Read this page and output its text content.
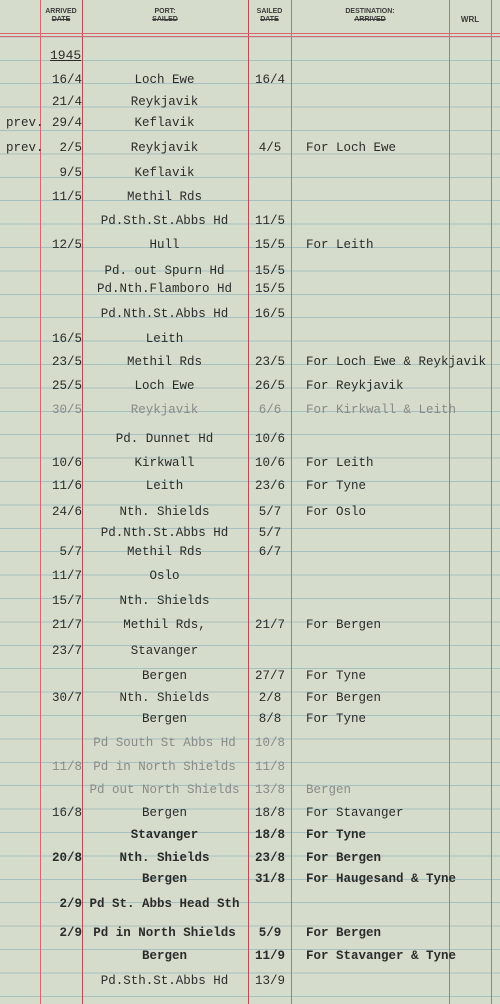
ARRIVED
DATE
PORT:
SAILED
SAILED
DATE
DESTINATION:
ARRIVED	WRL
1945
16/4	Loch Ewe	16/4
21/4	Reykjavik
prev. 29/4	Keflavik
prev. 2/5	Reykjavik	4/5	For Loch Ewe
9/5	Keflavik
11/5	Methil Rds
Pd.Sth.St.Abbs Hd	11/5
12/5	Hull	15/5	For Leith
Pd. out Spurn Hd	15/5
Pd.Nth.Flamboro Hd	15/5
Pd.Nth.St.Abbs Hd	16/5
16/5	Leith
23/5	Methil Rds	23/5	For Loch Ewe & Reykjavik
25/5	Loch Ewe	26/5	For Reykjavik
30/5	Reykjavik	6/6	For Kirkwall & Leith
Pd. Dunnet Hd	10/6
10/6	Kirkwall	10/6	For Leith
11/6	Leith	23/6	For Tyne
24/6	Nth. Shields	5/7	For Oslo
Pd.Nth.St.Abbs Hd	5/7
5/7	Methil Rds	6/7
11/7	Oslo
15/7	Nth. Shields
21/7	Methil Rds,	21/7	For Bergen
23/7	Stavanger
Bergen	27/7	For Tyne
30/7	Nth. Shields	2/8	For Bergen
Bergen	8/8	For Tyne
Pd South St Abbs Hd	10/8
11/8 Pd in North Shields	11/8
Pd out North Shields	13/8	Bergen
16/8	Bergen	18/8	For Stavanger
Stavanger	18/8	For Tyne
20/8	Nth. Shields	23/8	For Bergen
Bergen	31/8	For Haugesand & Tyne
2/9 Pd St. Abbs Head Sth
2/9 Pd in North Shields	5/9	For Bergen
Bergen	11/9	For Stavanger & Tyne
Pd.Sth.St.Abbs Hd	13/9
